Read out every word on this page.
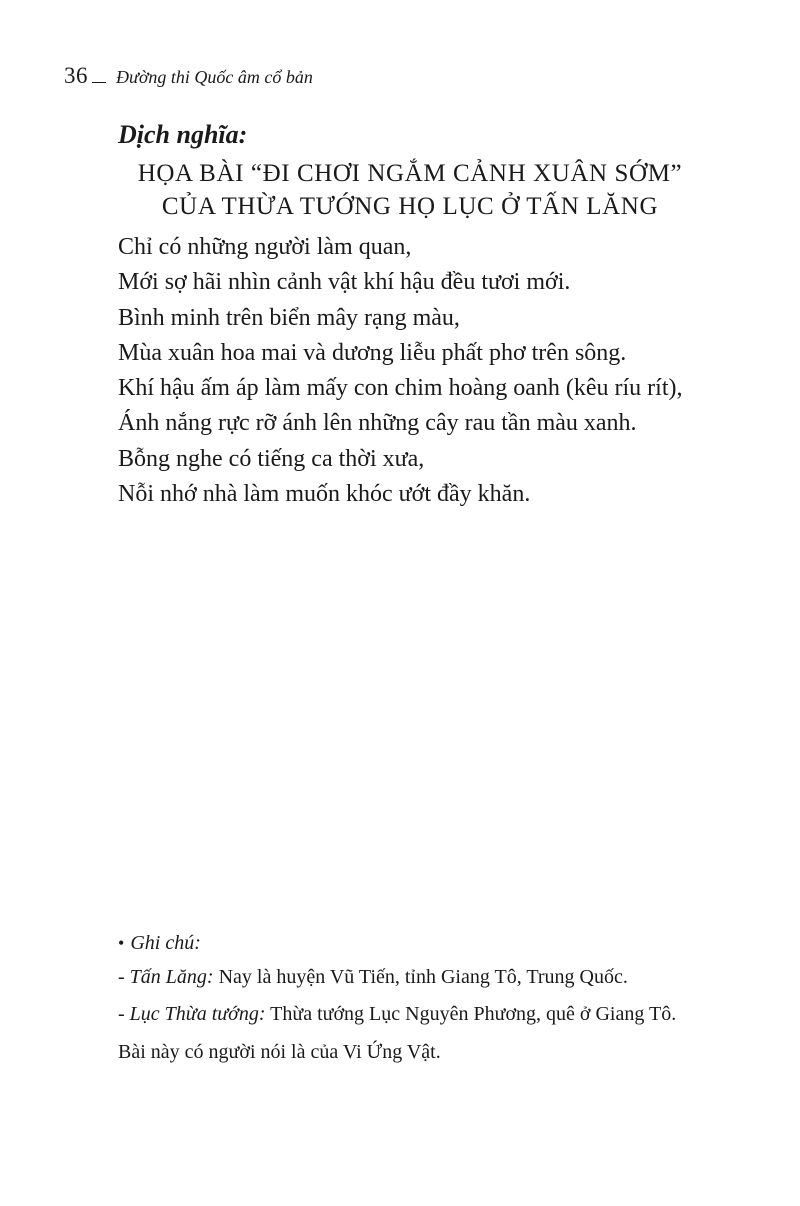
36 Đường thi Quốc âm cổ bản
Dịch nghĩa:
HỌA BÀI “ĐI CHƠI NGẮM CẢNH XUÂN SỚM”
CỦA THỪA TƯỚNG HỌ LỤC Ở TẤN LĂNG
Chỉ có những người làm quan,
Mới sợ hãi nhìn cảnh vật khí hậu đều tươi mới.
Bình minh trên biển mây rạng màu,
Mùa xuân hoa mai và dương liễu phất phơ trên sông.
Khí hậu ấm áp làm mấy con chim hoàng oanh (kêu ríu rít),
Ánh nắng rực rỡ ánh lên những cây rau tần màu xanh.
Bỗng nghe có tiếng ca thời xưa,
Nỗi nhớ nhà làm muốn khóc ướt đầy khăn.
• Ghi chú:
- Tấn Lăng: Nay là huyện Vũ Tiến, tỉnh Giang Tô, Trung Quốc.
- Lục Thừa tướng: Thừa tướng Lục Nguyên Phương, quê ở Giang Tô.
Bài này có người nói là của Vi Ứng Vật.
